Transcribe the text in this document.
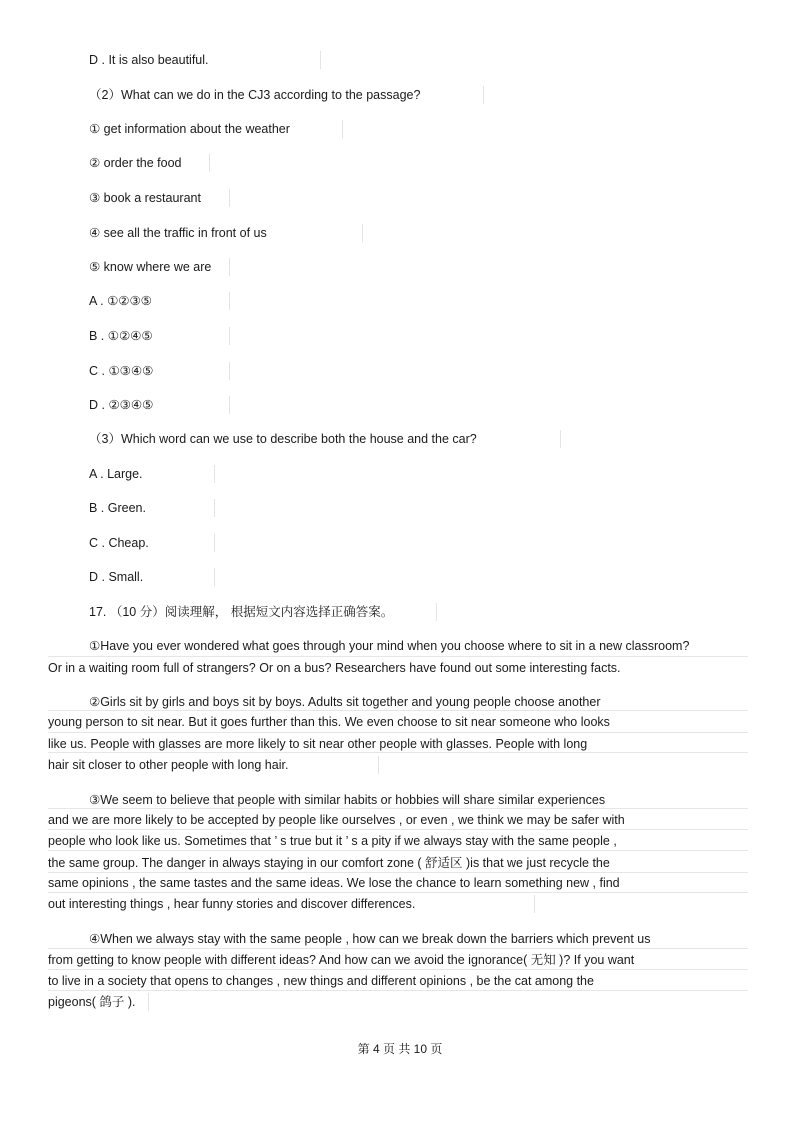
D . It is also beautiful.
（2）What can we do in the CJ3 according to the passage?
① get information about the weather
② order the food
③ book a restaurant
④ see all the traffic in front of us
⑤ know where we are
A . ①②③⑤
B . ①②④⑤
C . ①③④⑤
D . ②③④⑤
（3）Which word can we use to describe both the house and the car?
A . Large.
B . Green.
C . Cheap.
D . Small.
17. （10 分）阅读理解， 根据短文内容选择正确答案。
①Have you ever wondered what goes through your mind when you choose where to sit in a new classroom?
Or in a waiting room full of strangers? Or on a bus? Researchers have found out some interesting facts.
②Girls sit by girls and boys sit by boys. Adults sit together and young people choose another
young person to sit near. But it goes further than this. We even choose to sit near someone who looks
like us. People with glasses are more likely to sit near other people with glasses. People with long
hair sit closer to other people with long hair.
③We seem to believe that people with similar habits or hobbies will share similar experiences
and we are more likely to be accepted by people like ourselves , or even , we think we may be safer with
people who look like us. Sometimes that ’ s true but it ’ s a pity if we always stay with the same people ,
the same group. The danger in always staying in our comfort zone ( 舒适区 )is that we just recycle the
same opinions , the same tastes and the same ideas. We lose the chance to learn something new , find
out interesting things , hear funny stories and discover differences.
④When we always stay with the same people , how can we break down the barriers which prevent us
from getting to know people with different ideas? And how can we avoid the ignorance( 无知 )? If you want
to live in a society that opens to changes , new things and different opinions , be the cat among the
pigeons( 鸽子 ).
第 4 页 共 10 页
